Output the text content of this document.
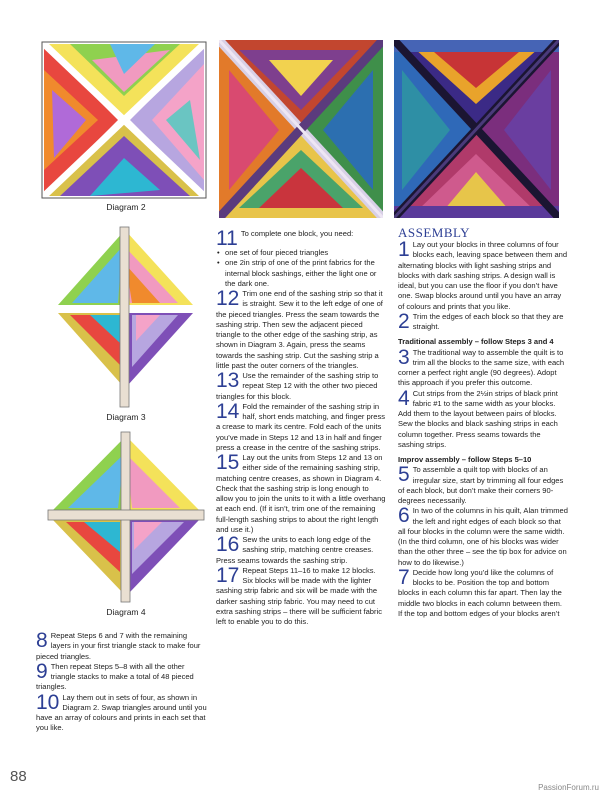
Diagram 2
Diagram 3
Diagram 4
8 Repeat Steps 6 and 7 with the remaining layers in your first triangle stack to make four pieced triangles.
9 Then repeat Steps 5–8 with all the other triangle stacks to make a total of 48 pieced triangles.
10 Lay them out in sets of four, as shown in Diagram 2. Swap triangles around until you have an array of colours and prints in each set that you like.
11 To complete one block, you need:
• one set of four pieced triangles
• one 2in strip of one of the print fabrics for the internal block sashings, either the light one or the dark one.
12 Trim one end of the sashing strip so that it is straight. Sew it to the left edge of one of the pieced triangles. Press the seam towards the sashing strip. Then sew the adjacent pieced triangle to the other edge of the sashing strip, as shown in Diagram 3. Again, press the seams towards the sashing strip. Cut the sashing strip a little past the outer corners of the triangles.
13 Use the remainder of the sashing strip to repeat Step 12 with the other two pieced triangles for this block.
14 Fold the remainder of the sashing strip in half, short ends matching, and finger press a crease to mark its centre. Fold each of the units you’ve made in Steps 12 and 13 in half and finger press a crease in the centre of the sashing strips.
15 Lay out the units from Steps 12 and 13 on either side of the remaining sashing strip, matching centre creases, as shown in Diagram 4. Check that the sashing strip is long enough to allow you to join the units to it with a little overhang at each end. (If it isn’t, trim one of the remaining full-length sashing strips to about the right length and use it.)
16 Sew the units to each long edge of the sashing strip, matching centre creases. Press seams towards the sashing strip.
17 Repeat Steps 11–16 to make 12 blocks. Six blocks will be made with the lighter sashing strip fabric and six will be made with the darker sashing strip fabric. You may need to cut extra sashing strips – there will be sufficient fabric left to enable you to do this.
ASSEMBLY
1 Lay out your blocks in three columns of four blocks each, leaving space between them and alternating blocks with light sashing strips and blocks with dark sashing strips. A design wall is ideal, but you can use the floor if you don’t have one. Swap blocks around until you have an array of colours and prints that you like.
2 Trim the edges of each block so that they are straight.

Traditional assembly – follow Steps 3 and 4

3 The traditional way to assemble the quilt is to trim all the blocks to the same size, with each corner a perfect right angle (90 degrees). Adopt this approach if you prefer this outcome.
4 Cut strips from the 2½in strips of black print fabric #1 to the same width as your blocks. Add them to the layout between pairs of blocks. Sew the blocks and black sashing strips in each column together. Press seams towards the sashing strips.

Improv assembly – follow Steps 5–10

5 To assemble a quilt top with blocks of an irregular size, start by trimming all four edges of each block, but don’t make their corners 90-degrees necessarily.
6 In two of the columns in his quilt, Alan trimmed the left and right edges of each block so that all four blocks in the column were the same width. (In the third column, one of his blocks was wider than the other three – see the tip box for advice on how to do likewise.)
7 Decide how long you’d like the columns of blocks to be. Position the top and bottom blocks in each column this far apart. Then lay the middle two blocks in each column between them. If the top and bottom edges of your blocks aren’t
88
PassionForum.ru
